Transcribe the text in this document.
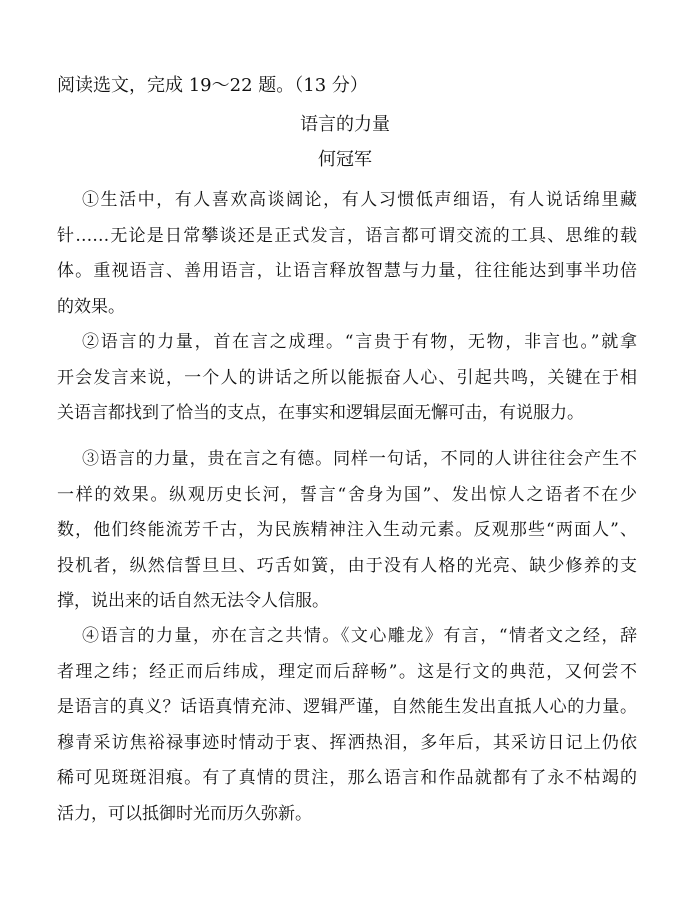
阅读选文，完成 19～22 题。（13 分）
语言的力量
何冠军
①生活中，有人喜欢高谈阔论，有人习惯低声细语，有人说话绵里藏
针……无论是日常攀谈还是正式发言，语言都可谓交流的工具、思维的载
体。重视语言、善用语言，让语言释放智慧与力量，往往能达到事半功倍
的效果。
②语言的力量，首在言之成理。“言贵于有物，无物，非言也。”就拿
开会发言来说，一个人的讲话之所以能振奋人心、引起共鸣，关键在于相
关语言都找到了恰当的支点，在事实和逻辑层面无懈可击，有说服力。
③语言的力量，贵在言之有德。同样一句话，不同的人讲往往会产生不
一样的效果。纵观历史长河，誓言“舍身为国”、发出惊人之语者不在少
数，他们终能流芳千古，为民族精神注入生动元素。反观那些“两面人”、
投机者，纵然信誓旦旦、巧舌如簧，由于没有人格的光亮、缺少修养的支
撑，说出来的话自然无法令人信服。
④语言的力量，亦在言之共情。《文心雕龙》有言，“情者文之经，辞
者理之纬；经正而后纬成，理定而后辞畅”。这是行文的典范，又何尝不
是语言的真义？话语真情充沛、逻辑严谨，自然能生发出直抵人心的力量。
穆青采访焦裕禄事迹时情动于衷、挥洒热泪，多年后，其采访日记上仍依
稀可见斑斑泪痕。有了真情的贯注，那么语言和作品就都有了永不枯竭的
活力，可以抵御时光而历久弥新。
